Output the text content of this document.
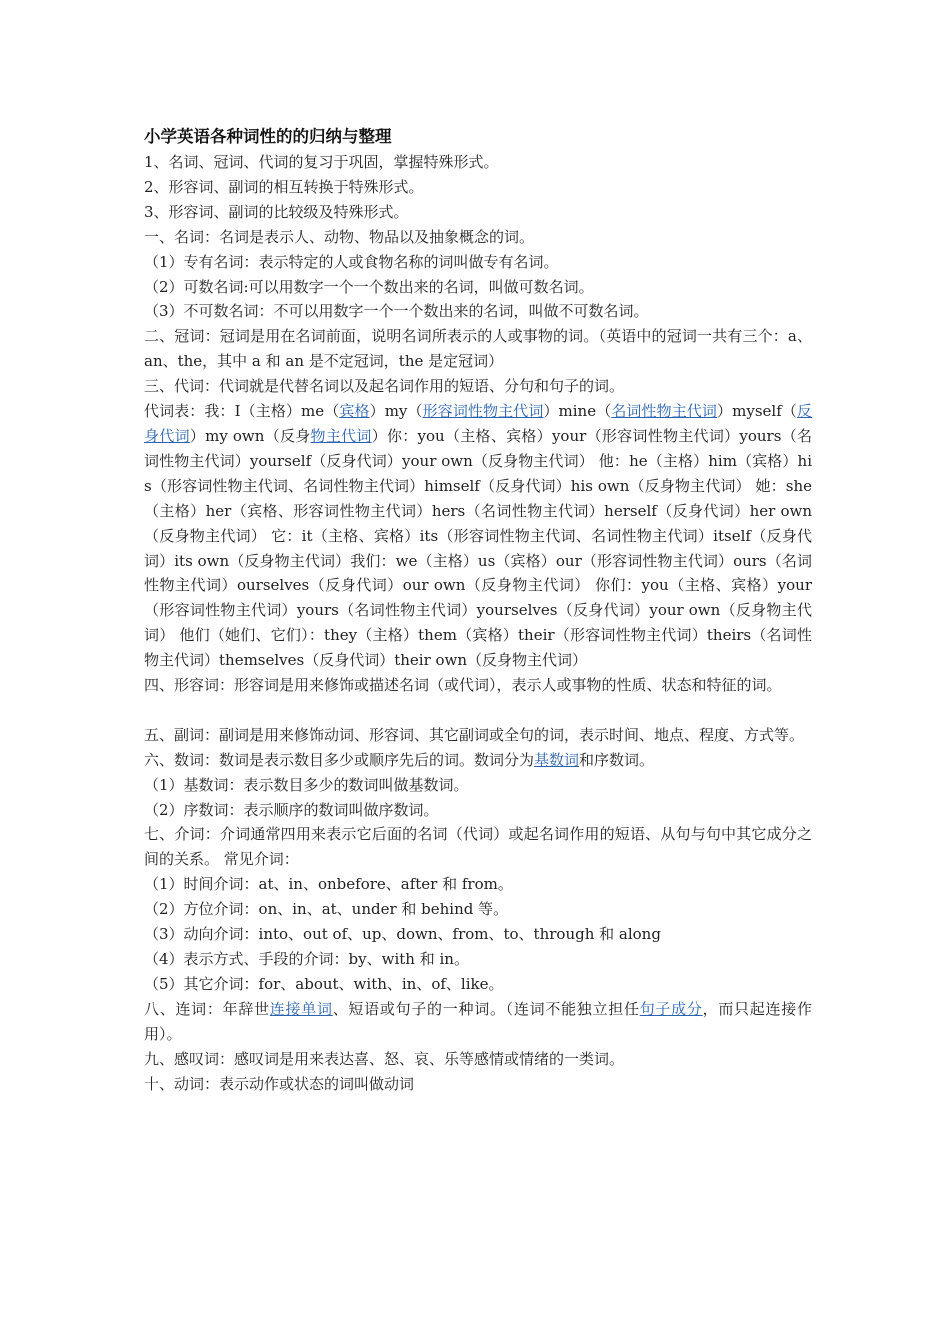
小学英语各种词性的的归纳与整理

1、名词、冠词、代词的复习于巩固，掌握特殊形式。

2、形容词、副词的相互转换于特殊形式。

3、形容词、副词的比较级及特殊形式。

一、名词：名词是表示人、动物、物品以及抽象概念的词。

（1）专有名词：表示特定的人或食物名称的词叫做专有名词。

（2）可数名词:可以用数字一个一个数出来的名词，叫做可数名词。

（3）不可数名词：不可以用数字一个一个数出来的名词，叫做不可数名词。

二、冠词：冠词是用在名词前面，说明名词所表示的人或事物的词。（英语中的冠词一共有三个：a、an、the，其中 a 和 an 是不定冠词，the 是定冠词）

三、代词：代词就是代替名词以及起名词作用的短语、分句和句子的词。

代词表：我：I（主格）me（宾格）my（形容词性物主代词）mine（名词性物主代词）myself（反身代词）my own（反身物主代词）你：you（主格、宾格）your（形容词性物主代词）yours（名词性物主代词）yourself（反身代词）your own（反身物主代词） 他：he（主格）him（宾格）his（形容词性物主代词、名词性物主代词）himself（反身代词）his own（反身物主代词） 她：she（主格）her（宾格、形容词性物主代词）hers（名词性物主代词）herself（反身代词）her own（反身物主代词） 它：it（主格、宾格）its（形容词性物主代词、名词性物主代词）itself（反身代词）its own（反身物主代词）我们：we（主格）us（宾格）our（形容词性物主代词）ours（名词性物主代词）ourselves（反身代词）our own（反身物主代词） 你们：you（主格、宾格）your（形容词性物主代词）yours（名词性物主代词）yourselves（反身代词）your own（反身物主代词） 他们（她们、它们）：they（主格）them（宾格）their（形容词性物主代词）theirs（名词性物主代词）themselves（反身代词）their own（反身物主代词）

四、形容词：形容词是用来修饰或描述名词（或代词），表示人或事物的性质、状态和特征的词。

五、副词：副词是用来修饰动词、形容词、其它副词或全句的词，表示时间、地点、程度、方式等。

六、数词：数词是表示数目多少或顺序先后的词。数词分为基数词和序数词。

（1）基数词：表示数目多少的数词叫做基数词。

（2）序数词：表示顺序的数词叫做序数词。

七、介词：介词通常四用来表示它后面的名词（代词）或起名词作用的短语、从句与句中其它成分之间的关系。 常见介词：

（1）时间介词：at、in、onbefore、after 和 from。

（2）方位介词：on、in、at、under 和 behind 等。

（3）动向介词：into、out of、up、down、from、to、through 和 along

（4）表示方式、手段的介词：by、with 和 in。

（5）其它介词：for、about、with、in、of、like。

八、连词：年辞世连接单词、短语或句子的一种词。（连词不能独立担任句子成分，而只起连接作用）。

九、感叹词：感叹词是用来表达喜、怒、哀、乐等感情或情绪的一类词。

十、动词：表示动作或状态的词叫做动词
